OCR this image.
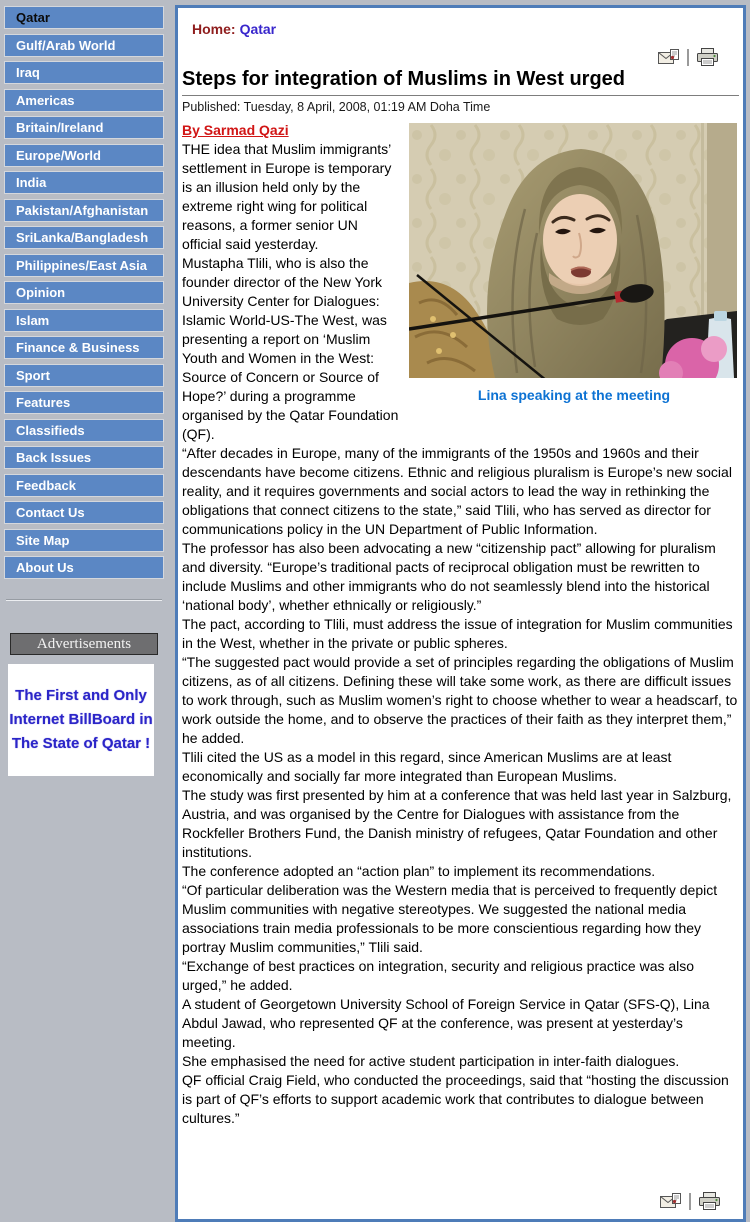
Qatar
Gulf/Arab World
Iraq
Americas
Britain/Ireland
Europe/World
India
Pakistan/Afghanistan
SriLanka/Bangladesh
Philippines/East Asia
Opinion
Islam
Finance & Business
Sport
Features
Classifieds
Back Issues
Feedback
Contact Us
Site Map
About Us
Advertisements
The First and Only
Internet BillBoard in
The State of Qatar !
Home: Qatar
Steps for integration of Muslims in West urged
Published: Tuesday, 8 April, 2008, 01:19 AM Doha Time
Lina speaking at the meeting
By Sarmad Qazi

THE idea that Muslim immigrants’ settlement in Europe is temporary is an illusion held only by the extreme right wing for political reasons, a former senior UN official said yesterday.

Mustapha Tlili, who is also the founder director of the New York University Center for Dialogues: Islamic World-US-The West, was presenting a report on ‘Muslim Youth and Women in the West: Source of Concern or Source of Hope?’ during a programme organised by the Qatar Foundation (QF).

“After decades in Europe, many of the immigrants of the 1950s and 1960s and their descendants have become citizens. Ethnic and religious pluralism is Europe’s new social reality, and it requires governments and social actors to lead the way in rethinking the obligations that connect citizens to the state,” said Tlili, who has served as director for communications policy in the UN Department of Public Information.

The professor has also been advocating a new “citizenship pact” allowing for pluralism and diversity. “Europe’s traditional pacts of reciprocal obligation must be rewritten to include Muslims and other immigrants who do not seamlessly blend into the historical ‘national body’, whether ethnically or religiously.”

The pact, according to Tlili, must address the issue of integration for Muslim communities in the West, whether in the private or public spheres.

“The suggested pact would provide a set of principles regarding the obligations of Muslim citizens, as of all citizens. Defining these will take some work, as there are difficult issues to work through, such as Muslim women’s right to choose whether to wear a headscarf, to work outside the home, and to observe the practices of their faith as they interpret them,” he added.

Tlili cited the US as a model in this regard, since American Muslims are at least economically and socially far more integrated than European Muslims.

The study was first presented by him at a conference that was held last year in Salzburg, Austria, and was organised by the Centre for Dialogues with assistance from the Rockfeller Brothers Fund, the Danish ministry of refugees, Qatar Foundation and other institutions.

The conference adopted an “action plan” to implement its recommendations.

“Of particular deliberation was the Western media that is perceived to frequently depict Muslim communities with negative stereotypes. We suggested the national media associations train media professionals to be more conscientious regarding how they portray Muslim communities,” Tlili said.

“Exchange of best practices on integration, security and religious practice was also urged,” he added.

A student of Georgetown University School of Foreign Service in Qatar (SFS-Q), Lina Abdul Jawad, who represented QF at the conference, was present at yesterday’s meeting.

She emphasised the need for active student participation in inter-faith dialogues.

QF official Craig Field, who conducted the proceedings, said that “hosting the discussion is part of QF’s efforts to support academic work that contributes to dialogue between cultures.”
